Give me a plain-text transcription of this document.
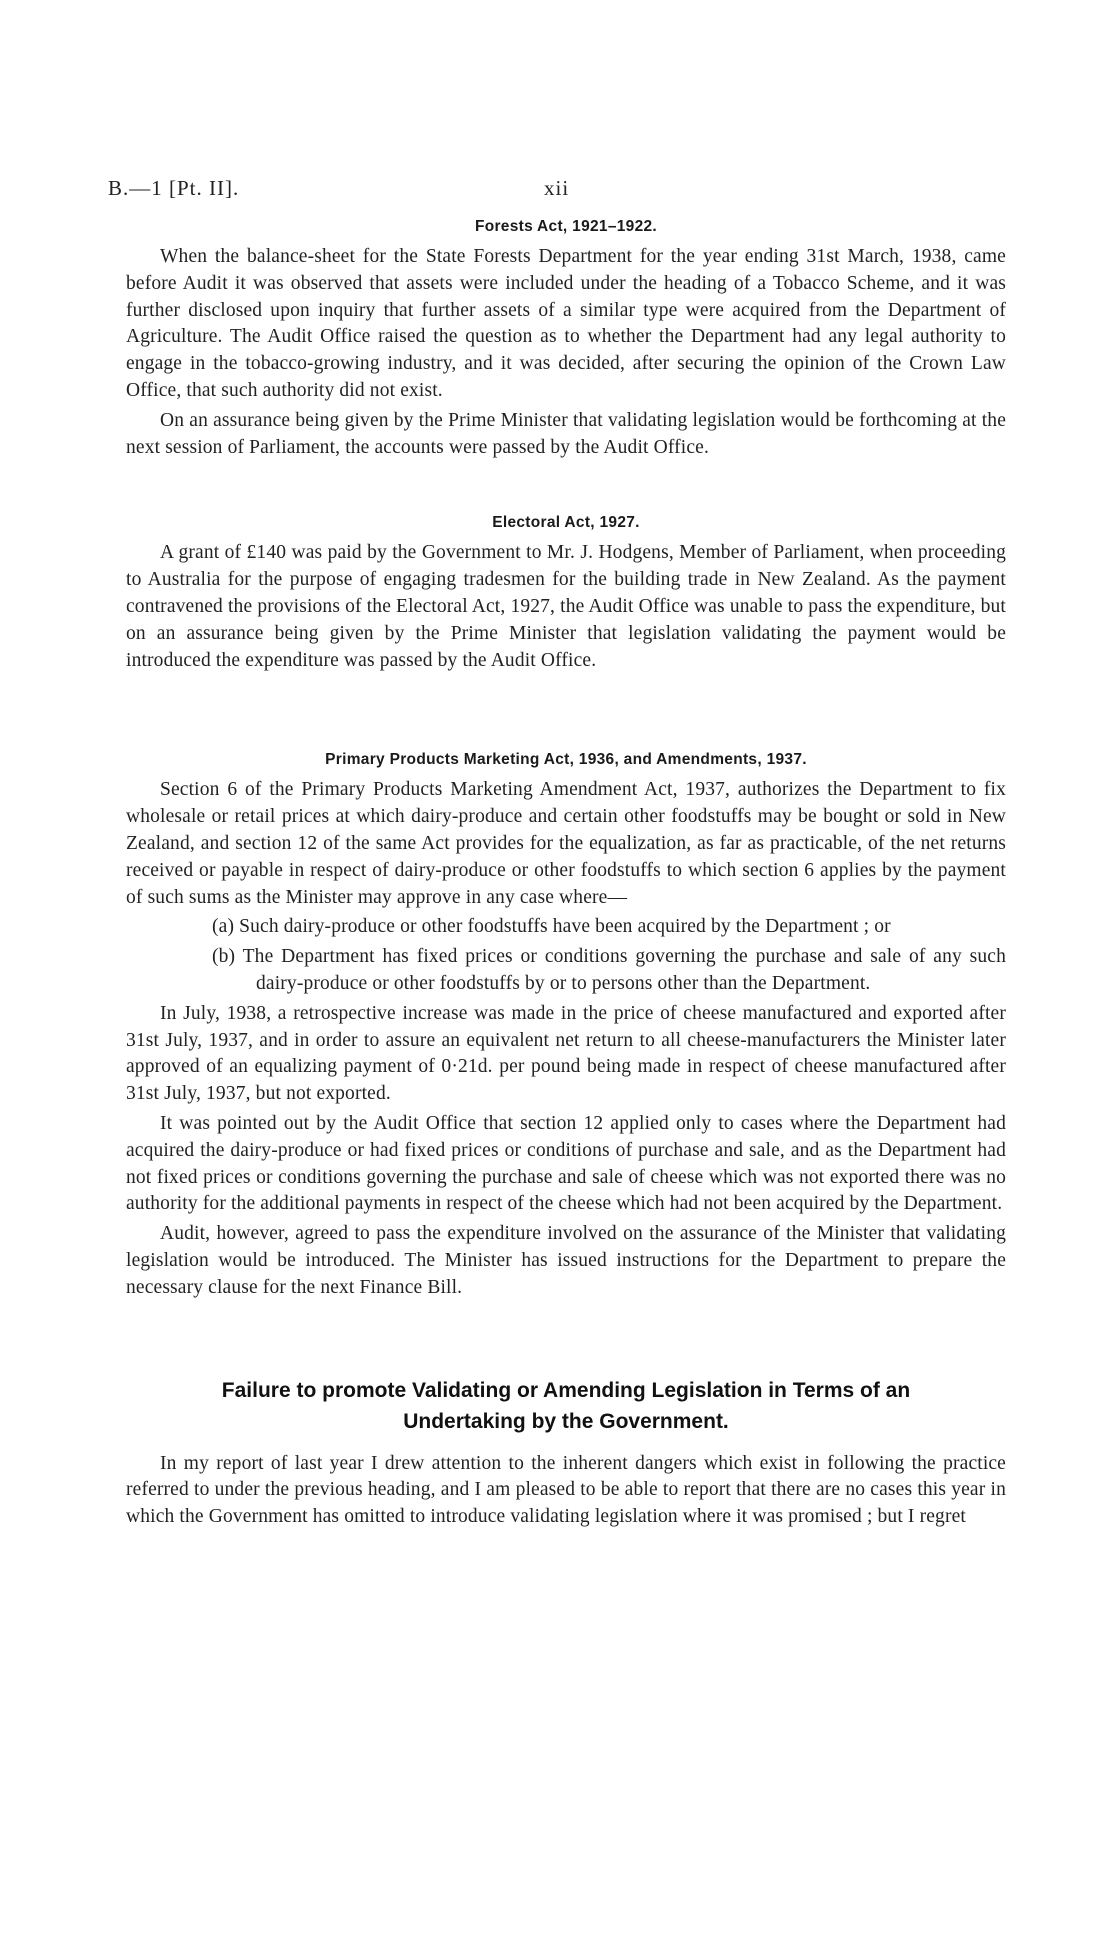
B.—1 [Pt. II].	xii
Forests Act, 1921–1922.

When the balance-sheet for the State Forests Department for the year ending 31st March, 1938, came before Audit it was observed that assets were included under the heading of a Tobacco Scheme, and it was further disclosed upon inquiry that further assets of a similar type were acquired from the Department of Agriculture. The Audit Office raised the question as to whether the Department had any legal authority to engage in the tobacco-growing industry, and it was decided, after securing the opinion of the Crown Law Office, that such authority did not exist.

On an assurance being given by the Prime Minister that validating legislation would be forthcoming at the next session of Parliament, the accounts were passed by the Audit Office.

Electoral Act, 1927.

A grant of £140 was paid by the Government to Mr. J. Hodgens, Member of Parliament, when proceeding to Australia for the purpose of engaging tradesmen for the building trade in New Zealand. As the payment contravened the provisions of the Electoral Act, 1927, the Audit Office was unable to pass the expenditure, but on an assurance being given by the Prime Minister that legislation validating the payment would be introduced the expenditure was passed by the Audit Office.

Primary Products Marketing Act, 1936, and Amendments, 1937.

Section 6 of the Primary Products Marketing Amendment Act, 1937, authorizes the Department to fix wholesale or retail prices at which dairy-produce and certain other foodstuffs may be bought or sold in New Zealand, and section 12 of the same Act provides for the equalization, as far as practicable, of the net returns received or payable in respect of dairy-produce or other foodstuffs to which section 6 applies by the payment of such sums as the Minister may approve in any case where—

(a) Such dairy-produce or other foodstuffs have been acquired by the Department ; or
(b) The Department has fixed prices or conditions governing the purchase and sale of any such dairy-produce or other foodstuffs by or to persons other than the Department.

In July, 1938, a retrospective increase was made in the price of cheese manufactured and exported after 31st July, 1937, and in order to assure an equivalent net return to all cheese-manufacturers the Minister later approved of an equalizing payment of 0·21d. per pound being made in respect of cheese manufactured after 31st July, 1937, but not exported.

It was pointed out by the Audit Office that section 12 applied only to cases where the Department had acquired the dairy-produce or had fixed prices or conditions of purchase and sale, and as the Department had not fixed prices or conditions governing the purchase and sale of cheese which was not exported there was no authority for the additional payments in respect of the cheese which had not been acquired by the Department.

Audit, however, agreed to pass the expenditure involved on the assurance of the Minister that validating legislation would be introduced. The Minister has issued instructions for the Department to prepare the necessary clause for the next Finance Bill.

Failure to promote Validating or Amending Legislation in Terms of an
Undertaking by the Government.

In my report of last year I drew attention to the inherent dangers which exist in following the practice referred to under the previous heading, and I am pleased to be able to report that there are no cases this year in which the Government has omitted to introduce validating legislation where it was promised ; but I regret
